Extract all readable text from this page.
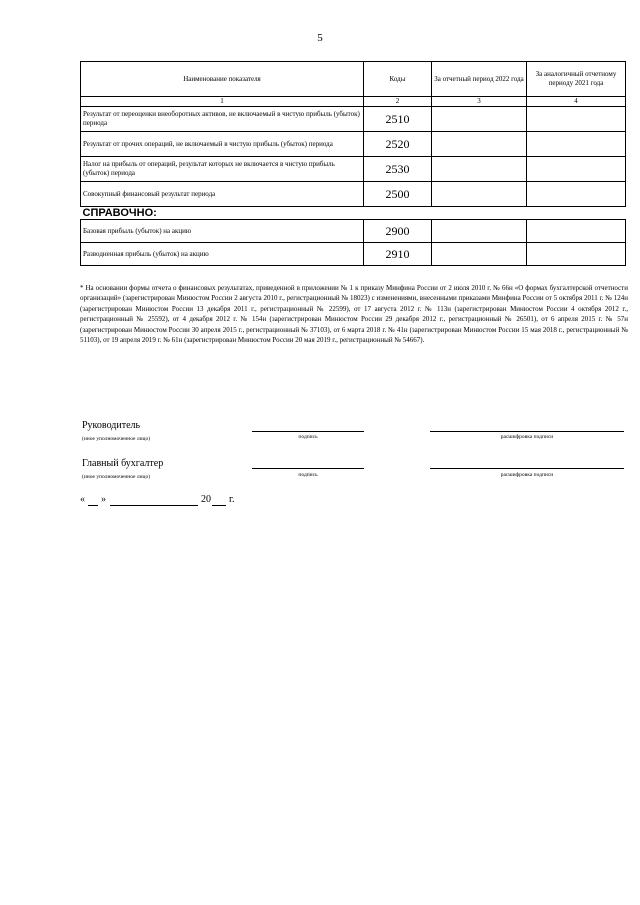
5
Наименование показателя	Коды	За отчетный период 2022 года	За аналогичный отчетному периоду 2021 года
1	2	3	4
Результат от переоценки внеоборотных активов, не включаемый в чистую прибыль (убыток) периода	2510		
Результат от прочих операций, не включаемый в чистую прибыль (убыток) периода	2520		
Налог на прибыль от операций, результат которых не включается в чистую прибыль (убыток) периода	2530		
Совокупный финансовый результат периода	2500		
СПРАВОЧНО:			
Базовая прибыль (убыток) на акцию	2900		
Разводненная прибыль (убыток) на акцию	2910		
* На основании формы отчета о финансовых результатах, приведенной в приложении № 1 к приказу Минфина России от 2 июля 2010 г. № 66н «О формах бухгалтерской отчетности организаций» (зарегистрирован Минюстом России 2 августа 2010 г., регистрационный № 18023) с изменениями, внесенными приказами Минфина России от 5 октября 2011 г. № 124н (зарегистрирован Минюстом России 13 декабря 2011 г., регистрационный № 22599), от 17 августа 2012 г. № 113н (зарегистрирован Минюстом России 4 октября 2012 г., регистрационный № 25592), от 4 декабря 2012 г. № 154н (зарегистрирован Минюстом России 29 декабря 2012 г., регистрационный № 26501), от 6 апреля 2015 г. № 57н (зарегистрирован Минюстом России 30 апреля 2015 г., регистрационный № 37103), от 6 марта 2018 г. № 41н (зарегистрирован Минюстом России 15 мая 2018 г., регистрационный № 51103), от 19 апреля 2019 г. № 61н (зарегистрирован Минюстом России 20 мая 2019 г., регистрационный № 54667).
Руководитель
(иное уполномоченное лицо)	подпись	расшифровка подписи
Главный бухгалтер
(иное уполномоченное лицо)	подпись	расшифровка подписи
« »	20 г.
